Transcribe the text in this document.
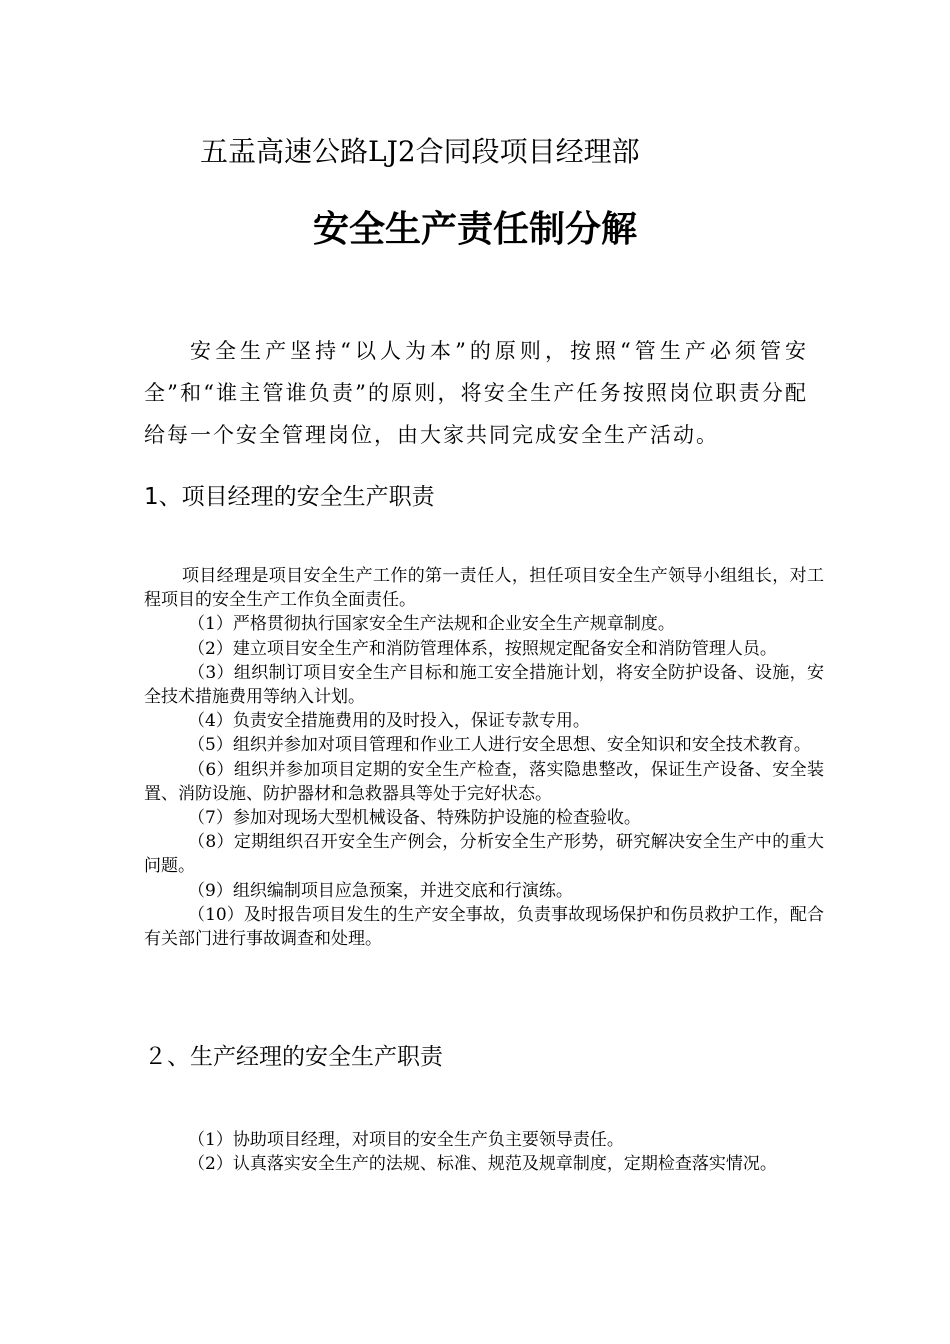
五盂高速公路LJ2合同段项目经理部
安全生产责任制分解

安全生产坚持“以人为本”的原则，按照“管生产必须管安全”和“谁主管谁负责”的原则，将安全生产任务按照岗位职责分配给每一个安全管理岗位，由大家共同完成安全生产活动。

1、项目经理的安全生产职责

项目经理是项目安全生产工作的第一责任人，担任项目安全生产领导小组组长，对工程项目的安全生产工作负全面责任。

（1）严格贯彻执行国家安全生产法规和企业安全生产规章制度。

（2）建立项目安全生产和消防管理体系，按照规定配备安全和消防管理人员。

（3）组织制订项目安全生产目标和施工安全措施计划，将安全防护设备、设施，安全技术措施费用等纳入计划。

（4）负责安全措施费用的及时投入，保证专款专用。

（5）组织并参加对项目管理和作业工人进行安全思想、安全知识和安全技术教育。

（6）组织并参加项目定期的安全生产检查，落实隐患整改，保证生产设备、安全装置、消防设施、防护器材和急救器具等处于完好状态。

（7）参加对现场大型机械设备、特殊防护设施的检查验收。

（8）定期组织召开安全生产例会，分析安全生产形势，研究解决安全生产中的重大问题。

（9）组织编制项目应急预案，并进交底和行演练。

（10）及时报告项目发生的生产安全事故，负责事故现场保护和伤员救护工作，配合有关部门进行事故调查和处理。

２、生产经理的安全生产职责

（1）协助项目经理，对项目的安全生产负主要领导责任。

（2）认真落实安全生产的法规、标准、规范及规章制度，定期检查落实情况。
